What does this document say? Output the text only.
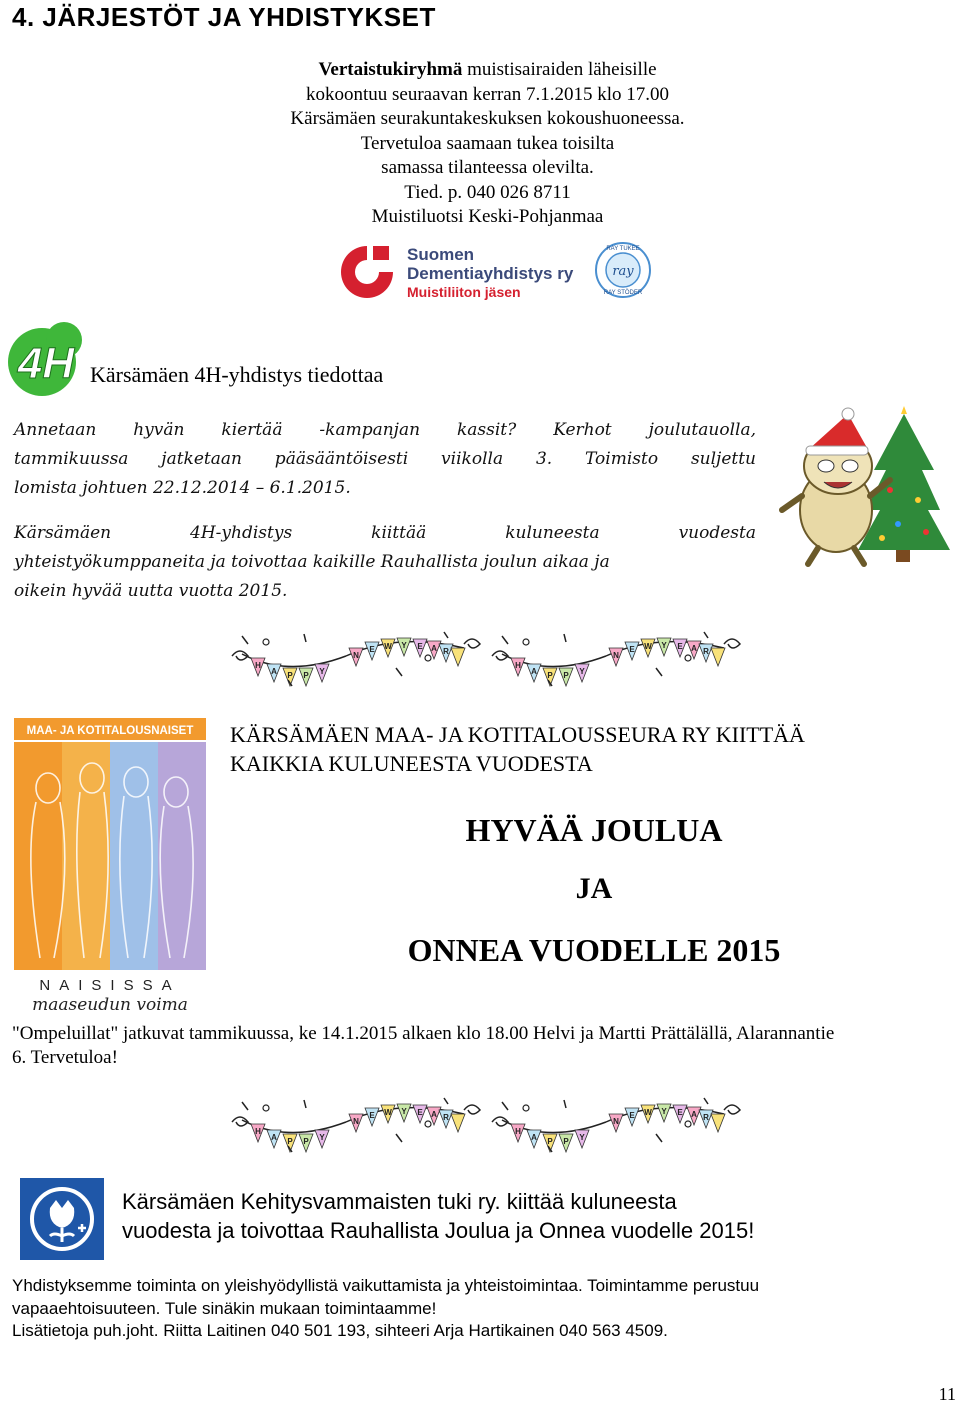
4. JÄRJESTÖT JA YHDISTYKSET
Vertaistukiryhmä muistisairaiden läheisille
kokoontuu seuraavan kerran 7.1.2015 klo 17.00
Kärsämäen seurakuntakeskuksen kokoushuoneessa.
Tervetuloa saamaan tukea toisilta
samassa tilanteessa olevilta.
Tied. p. 040 026 8711
Muistiluotsi Keski-Pohjanmaa
Suomen
Dementiayhdistys ry
Muistiliiton jäsen
ray
RAY TUKEE
RAY STÖDER
4H Kärsämäen 4H-yhdistys tiedottaa
Annetaan hyvän kiertää -kampanjan kassit? Kerhot joulutauolla,
tammikuussa jatketaan pääsääntöisesti viikolla 3. Toimisto suljettu
lomista johtuen 22.12.2014 – 6.1.2015.
Kärsämäen 4H-yhdistys kiittää kuluneesta vuodesta
yhteistyökumppaneita ja toivottaa kaikille Rauhallista joulun aikaa ja
oikein hyvää uutta vuotta 2015.
H
A P P Y
N
E W Y E A R
H
A P P Y
N
E W Y E A R
MAA- JA KOTITALOUSNAISET
NAISISSA
maaseudun voima
KÄRSÄMÄEN MAA- JA KOTITALOUSSEURA RY KIITTÄÄ
KAIKKIA KULUNEESTA VUODESTA
HYVÄÄ JOULUA
JA
ONNEA VUODELLE 2015
"Ompeluillat" jatkuvat tammikuussa, ke 14.1.2015 alkaen klo 18.00 Helvi ja Martti Prättälällä, Alarannantie
6. Tervetuloa!
H
A P P Y
N
E W Y E A R
H
A P P Y
N
E W Y E A R
Kärsämäen Kehitysvammaisten tuki ry. kiittää kuluneesta
vuodesta ja toivottaa Rauhallista Joulua ja Onnea vuodelle 2015!
Yhdistyksemme toiminta on yleishyödyllistä vaikuttamista ja yhteistoimintaa. Toimintamme perustuu
vapaaehtoisuuteen. Tule sinäkin mukaan toimintaamme!
Lisätietoja puh.joht. Riitta Laitinen 040 501 193, sihteeri Arja Hartikainen 040 563 4509.
11
